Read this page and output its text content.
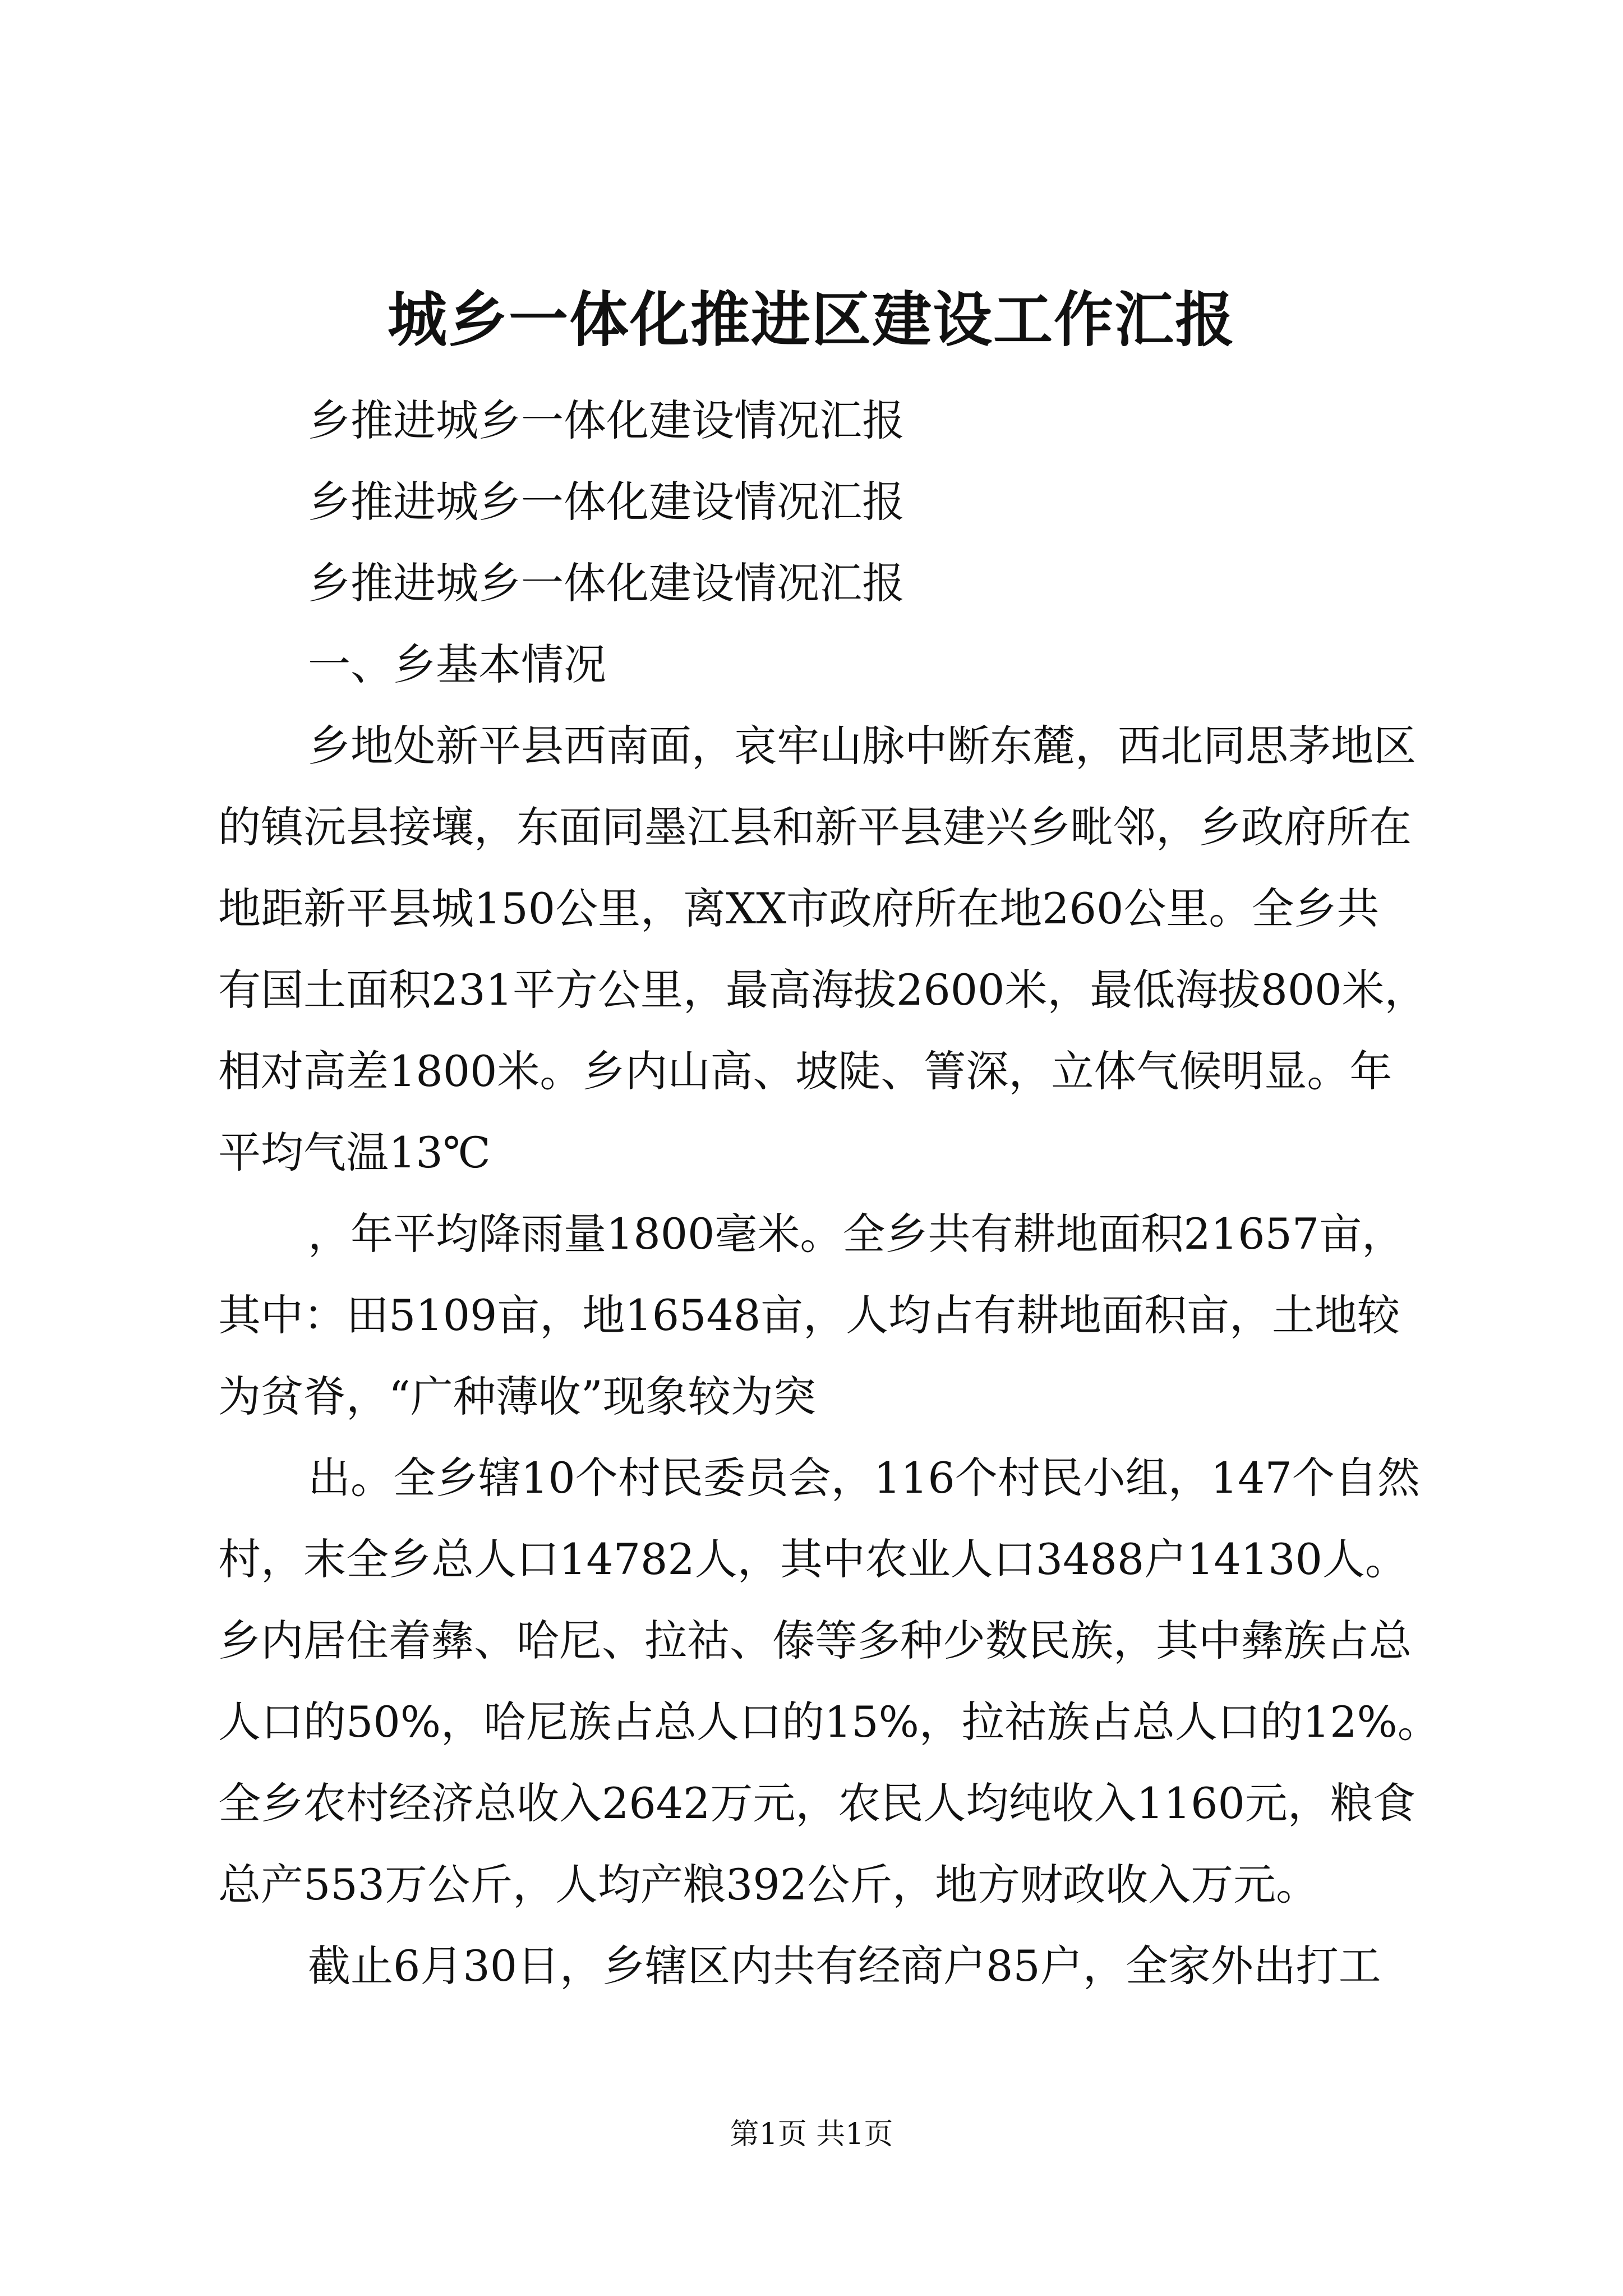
城乡一体化推进区建设工作汇报

乡推进城乡一体化建设情况汇报

乡推进城乡一体化建设情况汇报

乡推进城乡一体化建设情况汇报

一、乡基本情况

乡地处新平县西南面，哀牢山脉中断东麓，西北同思茅地区

的镇沅县接壤，东面同墨江县和新平县建兴乡毗邻，乡政府所在

地距新平县城150公里，离XX市政府所在地260公里。全乡共

有国土面积231平方公里，最高海拔2600米，最低海拔800米，

相对高差1800米。乡内山高、坡陡、箐深，立体气候明显。年

平均气温13℃

，年平均降雨量1800毫米。全乡共有耕地面积21657亩，

其中：田5109亩，地16548亩，人均占有耕地面积亩，土地较

为贫脊，“广种薄收”现象较为突

出。全乡辖10个村民委员会，116个村民小组，147个自然

村，末全乡总人口14782人，其中农业人口3488户14130人。

乡内居住着彝、哈尼、拉祜、傣等多种少数民族，其中彝族占总

人口的50%，哈尼族占总人口的15%，拉祜族占总人口的12%。

全乡农村经济总收入2642万元，农民人均纯收入1160元，粮食

总产553万公斤，人均产粮392公斤，地方财政收入万元。

截止6月30日，乡辖区内共有经商户85户，全家外出打工

第1页 共1页
